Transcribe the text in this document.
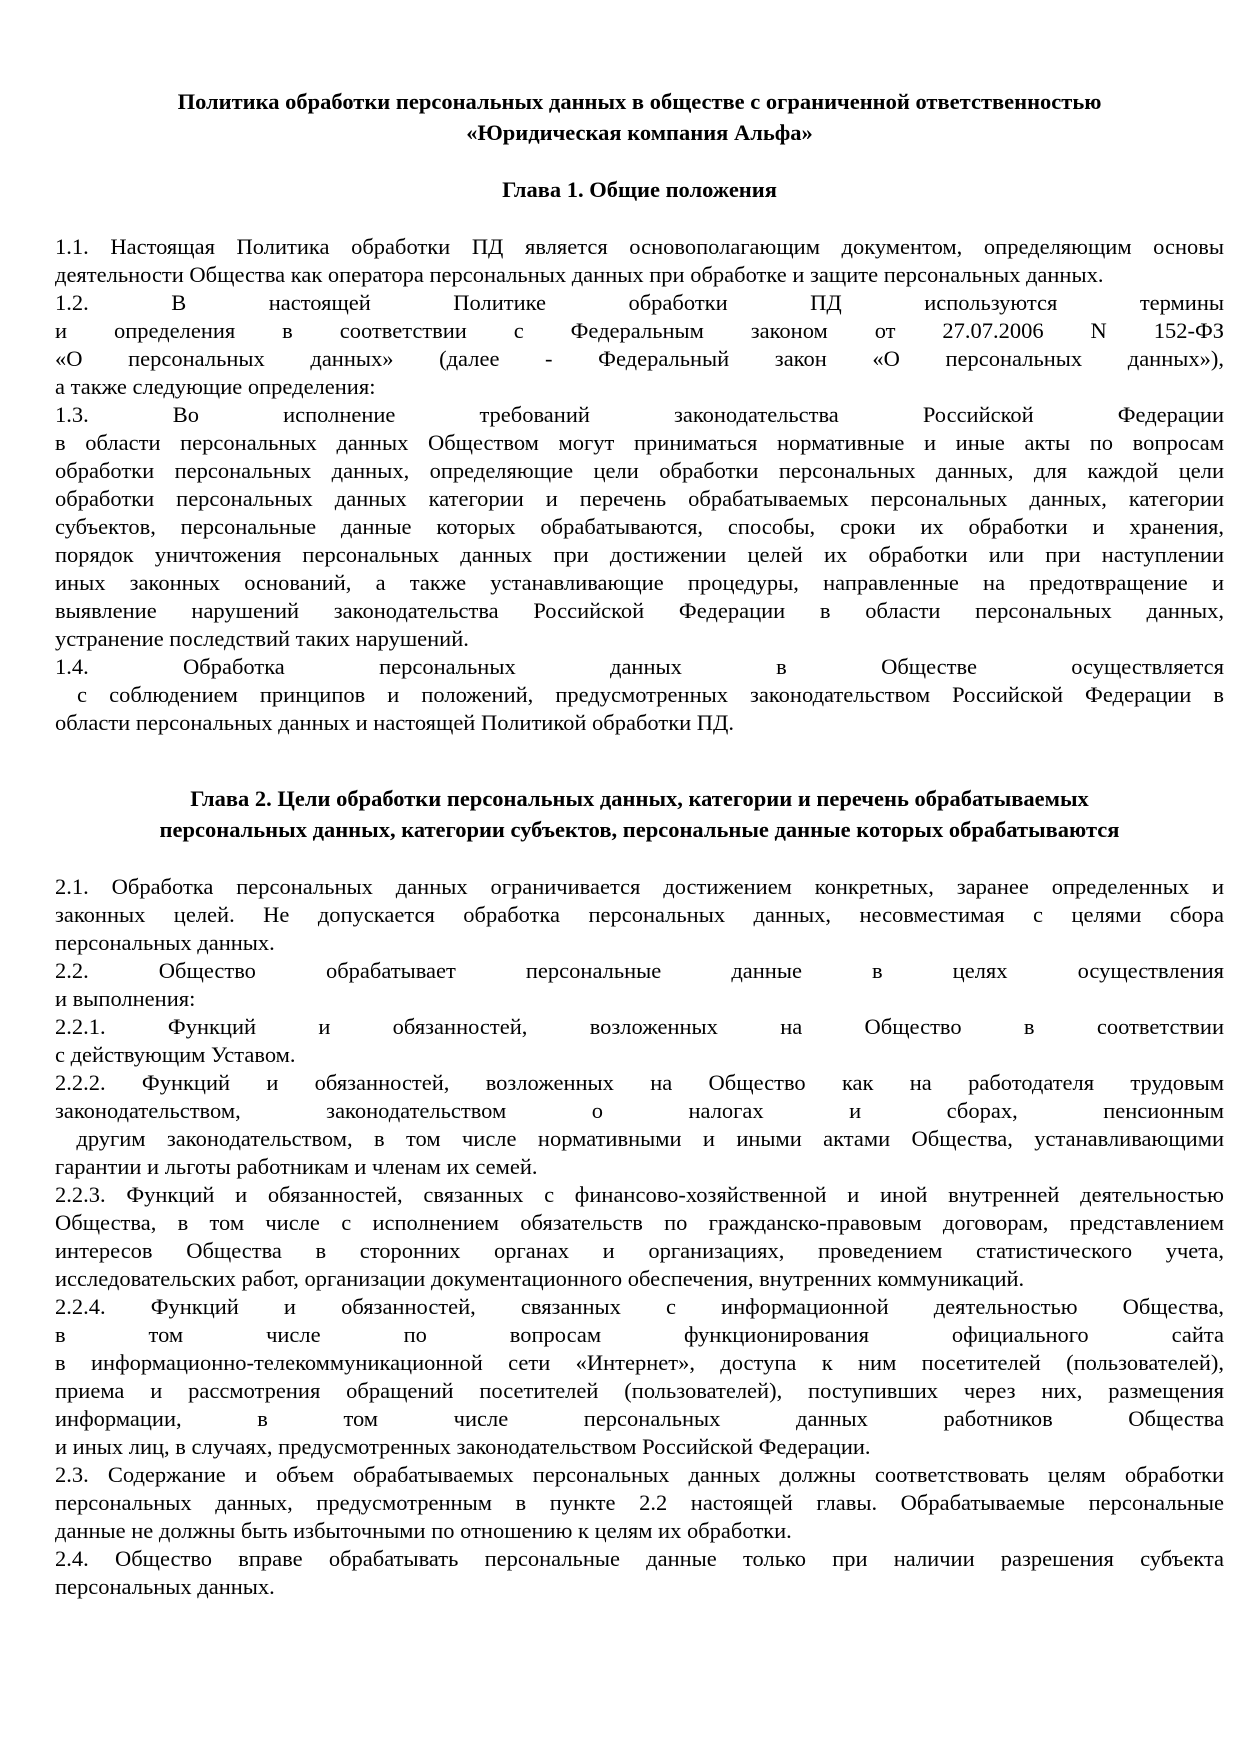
Политика обработки персональных данных в обществе с ограниченной ответственностью
«Юридическая компания Альфа»
Глава 1. Общие положения
1.1. Настоящая Политика обработки ПД является основополагающим документом, определяющим основы
деятельности Общества как оператора персональных данных при обработке и защите персональных данных.
1.2. В настоящей Политике обработки ПД используются термины
и определения в соответствии с Федеральным законом от 27.07.2006 N 152-ФЗ
«О персональных данных» (далее - Федеральный закон «О персональных данных»),
а также следующие определения:
1.3. Во исполнение требований законодательства Российской Федерации
в области персональных данных Обществом могут приниматься нормативные и иные акты по вопросам
обработки персональных данных, определяющие цели обработки персональных данных, для каждой цели
обработки персональных данных категории и перечень обрабатываемых персональных данных, категории
субъектов, персональные данные которых обрабатываются, способы, сроки их обработки и хранения,
порядок уничтожения персональных данных при достижении целей их обработки или при наступлении
иных законных оснований, а также устанавливающие процедуры, направленные на предотвращение и
выявление нарушений законодательства Российской Федерации в области персональных данных,
устранение последствий таких нарушений.
1.4. Обработка персональных данных в Обществе осуществляется
с соблюдением принципов и положений, предусмотренных законодательством Российской Федерации в
области персональных данных и настоящей Политикой обработки ПД.
Глава 2. Цели обработки персональных данных, категории и перечень обрабатываемых
персональных данных, категории субъектов, персональные данные которых обрабатываются
2.1. Обработка персональных данных ограничивается достижением конкретных, заранее определенных и
законных целей. Не допускается обработка персональных данных, несовместимая с целями сбора
персональных данных.
2.2. Общество обрабатывает персональные данные в целях осуществления
и выполнения:
2.2.1. Функций и обязанностей, возложенных на Общество в соответствии
с действующим Уставом.
2.2.2. Функций и обязанностей, возложенных на Общество как на работодателя трудовым
законодательством, законодательством о налогах и сборах, пенсионным
другим законодательством, в том числе нормативными и иными актами Общества, устанавливающими
гарантии и льготы работникам и членам их семей.
2.2.3. Функций и обязанностей, связанных с финансово-хозяйственной и иной внутренней деятельностью
Общества, в том числе с исполнением обязательств по гражданско-правовым договорам, представлением
интересов Общества в сторонних органах и организациях, проведением статистического учета,
исследовательских работ, организации документационного обеспечения, внутренних коммуникаций.
2.2.4. Функций и обязанностей, связанных с информационной деятельностью Общества,
в том числе по вопросам функционирования официального сайта
в информационно-телекоммуникационной сети «Интернет», доступа к ним посетителей (пользователей),
приема и рассмотрения обращений посетителей (пользователей), поступивших через них, размещения
информации, в том числе персональных данных работников Общества
и иных лиц, в случаях, предусмотренных законодательством Российской Федерации.
2.3. Содержание и объем обрабатываемых персональных данных должны соответствовать целям обработки
персональных данных, предусмотренным в пункте 2.2 настоящей главы. Обрабатываемые персональные
данные не должны быть избыточными по отношению к целям их обработки.
2.4. Общество вправе обрабатывать персональные данные только при наличии разрешения субъекта
персональных данных.
